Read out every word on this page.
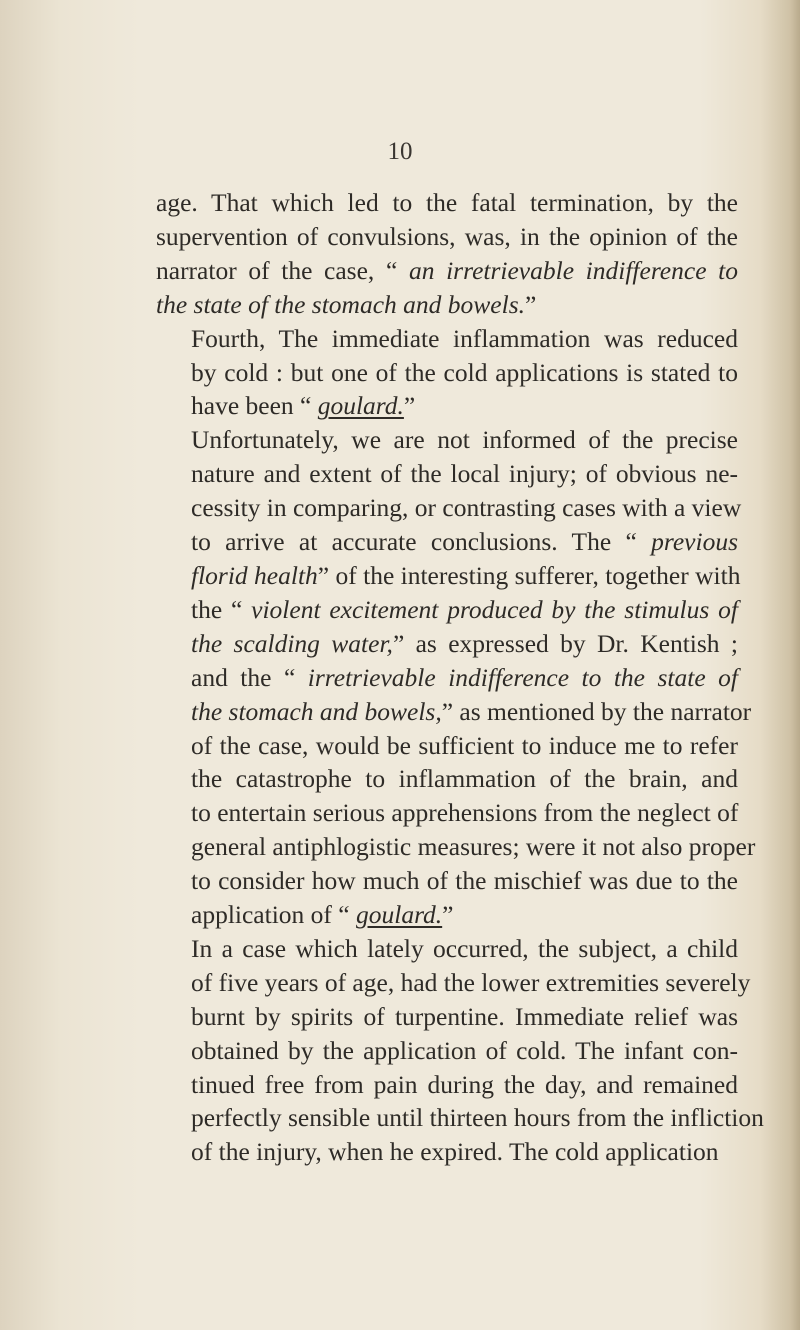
10

age. That which led to the fatal termination, by the
supervention of convulsions, was, in the opinion of the
narrator of the case, “ an irretrievable indifference to
the state of the stomach and bowels.”

Fourth, The immediate inflammation was reduced
by cold : but one of the cold applications is stated to
have been “ goulard.”

Unfortunately, we are not informed of the precise
nature and extent of the local injury; of obvious ne-
cessity in comparing, or contrasting cases with a view
to arrive at accurate conclusions. The “ previous
florid health” of the interesting sufferer, together with
the “ violent excitement produced by the stimulus of
the scalding water,” as expressed by Dr. Kentish ;
and the “ irretrievable indifference to the state of
the stomach and bowels,” as mentioned by the narrator
of the case, would be sufficient to induce me to refer
the catastrophe to inflammation of the brain, and
to entertain serious apprehensions from the neglect of
general antiphlogistic measures; were it not also proper
to consider how much of the mischief was due to the
application of “ goulard.”

In a case which lately occurred, the subject, a child
of five years of age, had the lower extremities severely
burnt by spirits of turpentine. Immediate relief was
obtained by the application of cold. The infant con-
tinued free from pain during the day, and remained
perfectly sensible until thirteen hours from the infliction
of the injury, when he expired. The cold application
